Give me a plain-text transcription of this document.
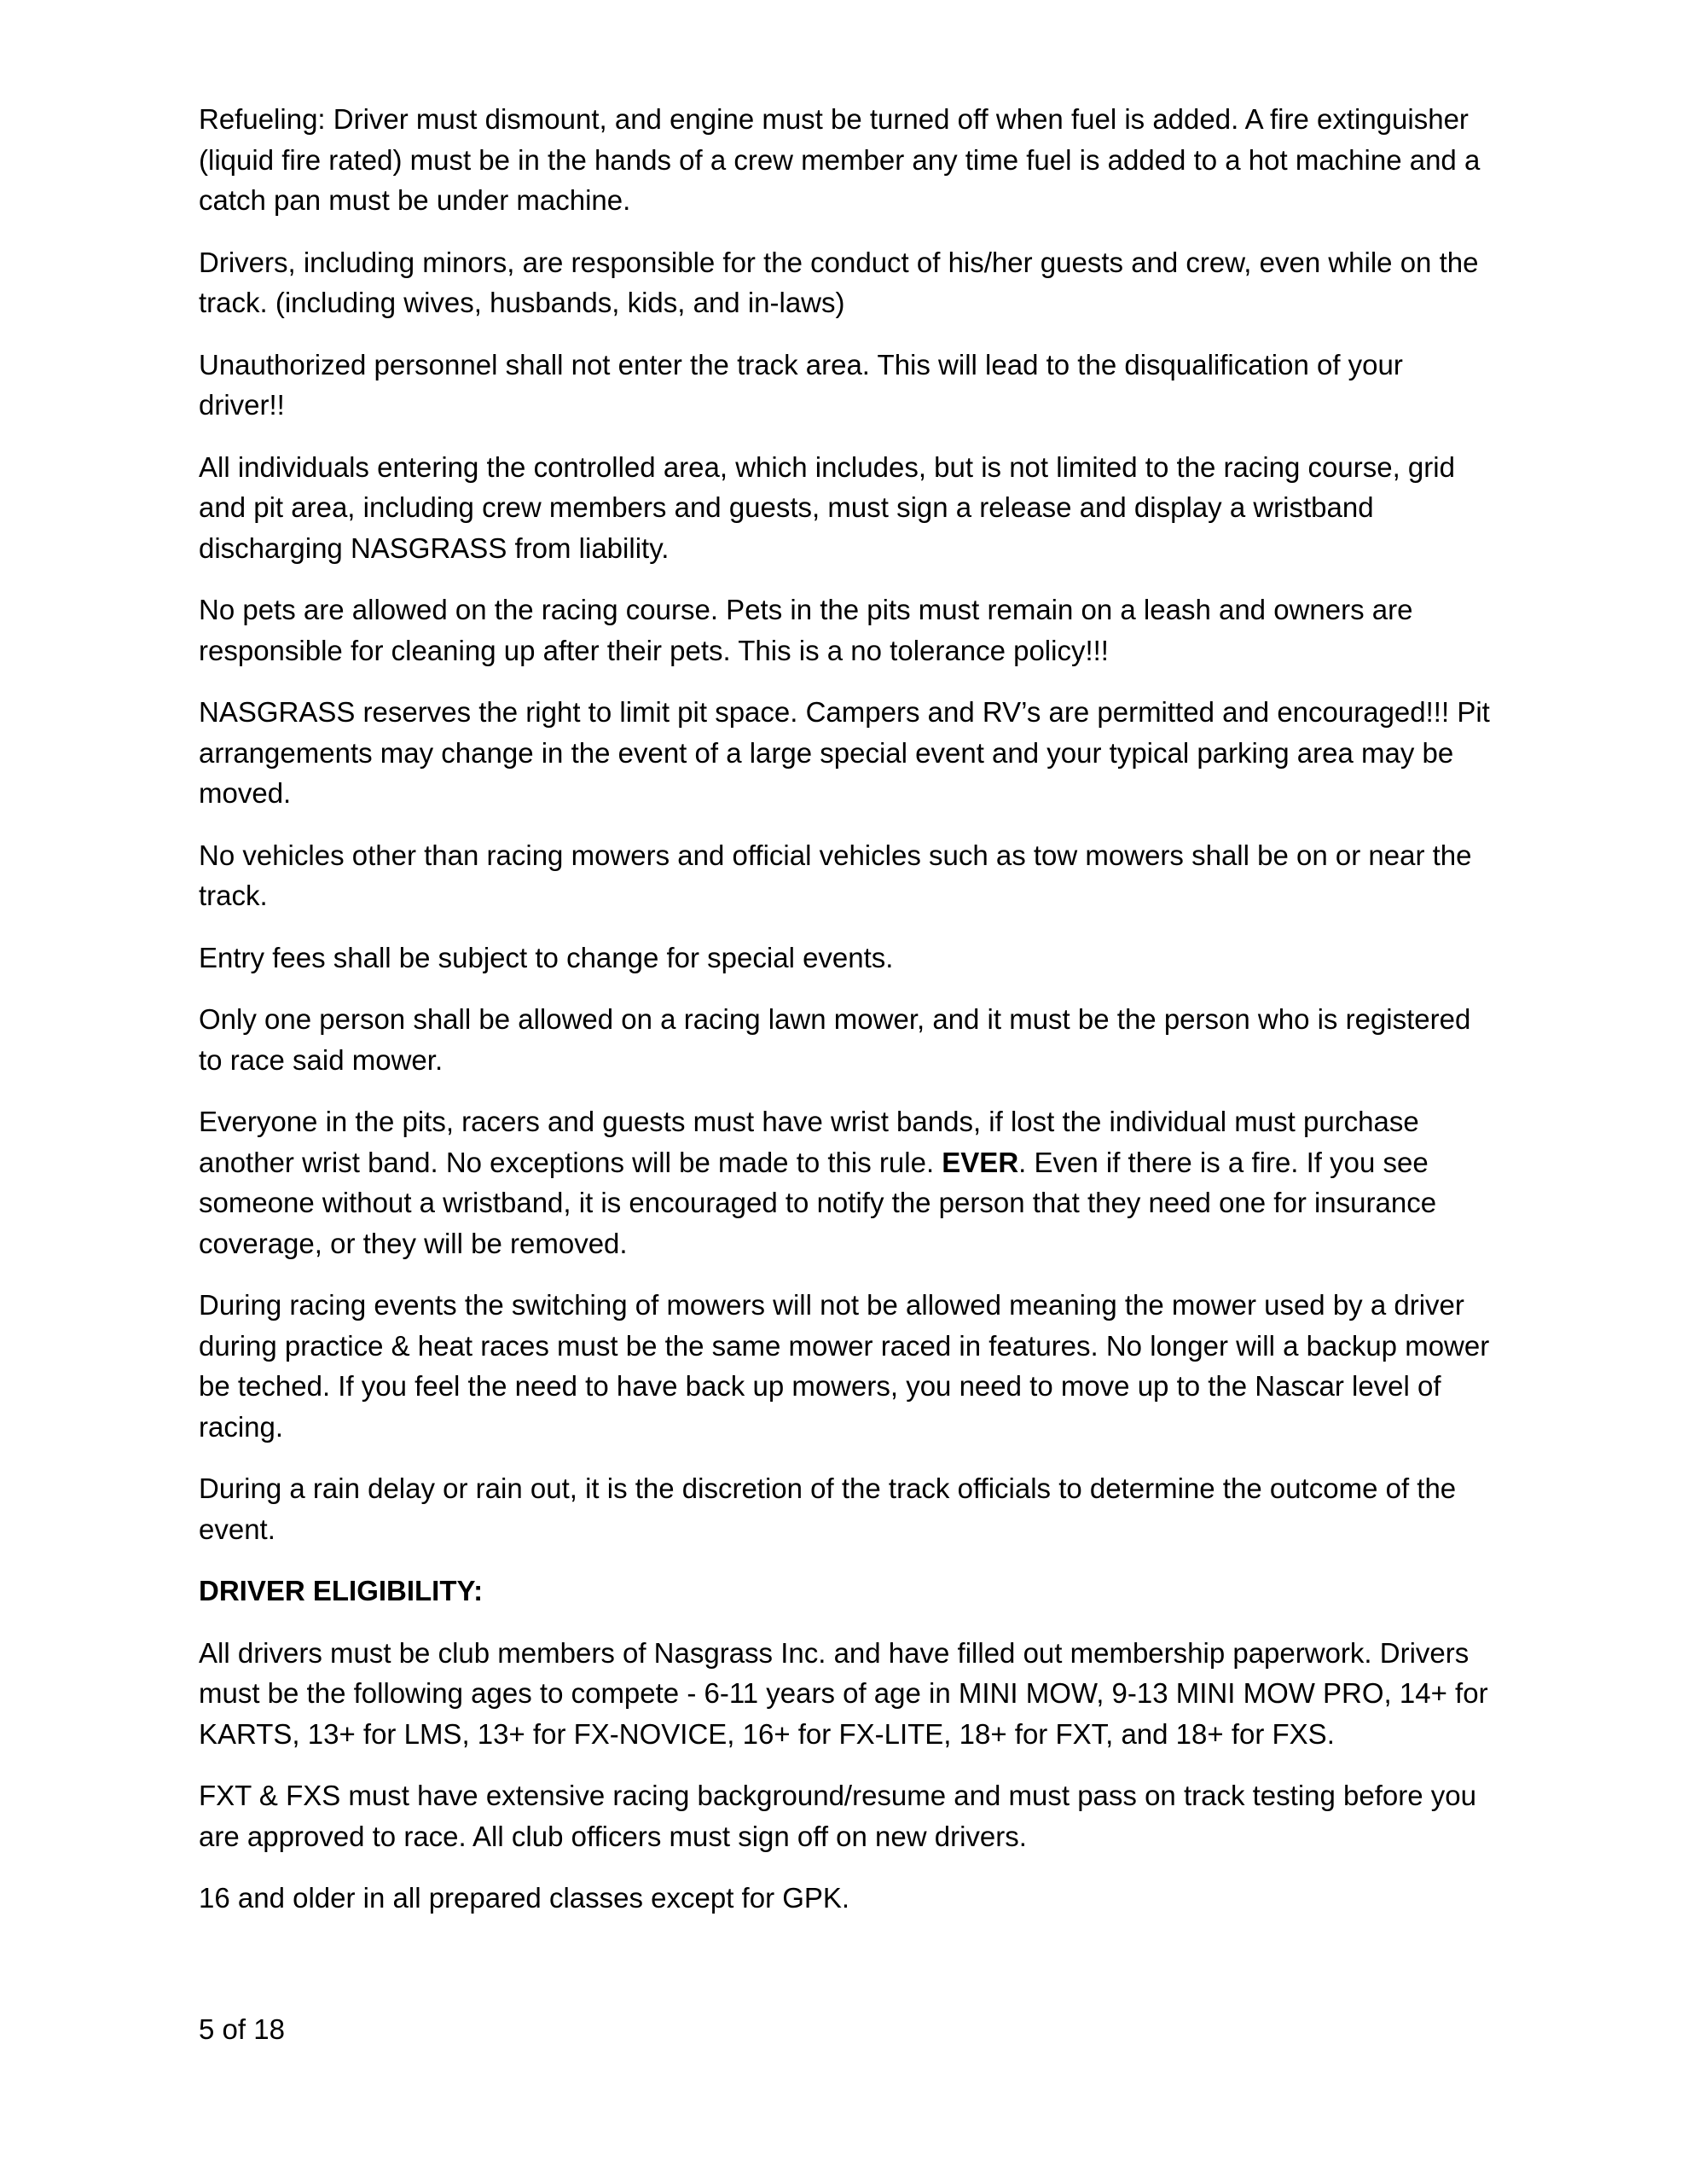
Refueling: Driver must dismount, and engine must be turned off when fuel is added. A fire extinguisher (liquid fire rated) must be in the hands of a crew member any time fuel is added to a hot machine and a catch pan must be under machine.

Drivers, including minors, are responsible for the conduct of his/her guests and crew, even while on the track. (including wives, husbands, kids, and in-laws)

Unauthorized personnel shall not enter the track area. This will lead to the disqualification of your driver!!

All individuals entering the controlled area, which includes, but is not limited to the racing course, grid and pit area, including crew members and guests, must sign a release and display a wristband discharging NASGRASS from liability.

No pets are allowed on the racing course. Pets in the pits must remain on a leash and owners are responsible for cleaning up after their pets. This is a no tolerance policy!!!

NASGRASS reserves the right to limit pit space. Campers and RV’s are permitted and encouraged!!! Pit arrangements may change in the event of a large special event and your typical parking area may be moved.

No vehicles other than racing mowers and official vehicles such as tow mowers shall be on or near the track.

Entry fees shall be subject to change for special events.

Only one person shall be allowed on a racing lawn mower, and it must be the person who is registered to race said mower.

Everyone in the pits, racers and guests must have wrist bands, if lost the individual must purchase another wrist band. No exceptions will be made to this rule. EVER. Even if there is a fire. If you see someone without a wristband, it is encouraged to notify the person that they need one for insurance coverage, or they will be removed.

During racing events the switching of mowers will not be allowed meaning the mower used by a driver during practice & heat races must be the same mower raced in features. No longer will a backup mower be teched. If you feel the need to have back up mowers, you need to move up to the Nascar level of racing.

During a rain delay or rain out, it is the discretion of the track officials to determine the outcome of the event.

DRIVER ELIGIBILITY:

All drivers must be club members of Nasgrass Inc. and have filled out membership paperwork. Drivers must be the following ages to compete - 6-11 years of age in MINI MOW, 9-13 MINI MOW PRO, 14+ for KARTS, 13+ for LMS, 13+ for FX-NOVICE, 16+ for FX-LITE, 18+ for FXT, and 18+ for FXS.

FXT & FXS must have extensive racing background/resume and must pass on track testing before you are approved to race. All club officers must sign off on new drivers.

16 and older in all prepared classes except for GPK.

5 of 18
